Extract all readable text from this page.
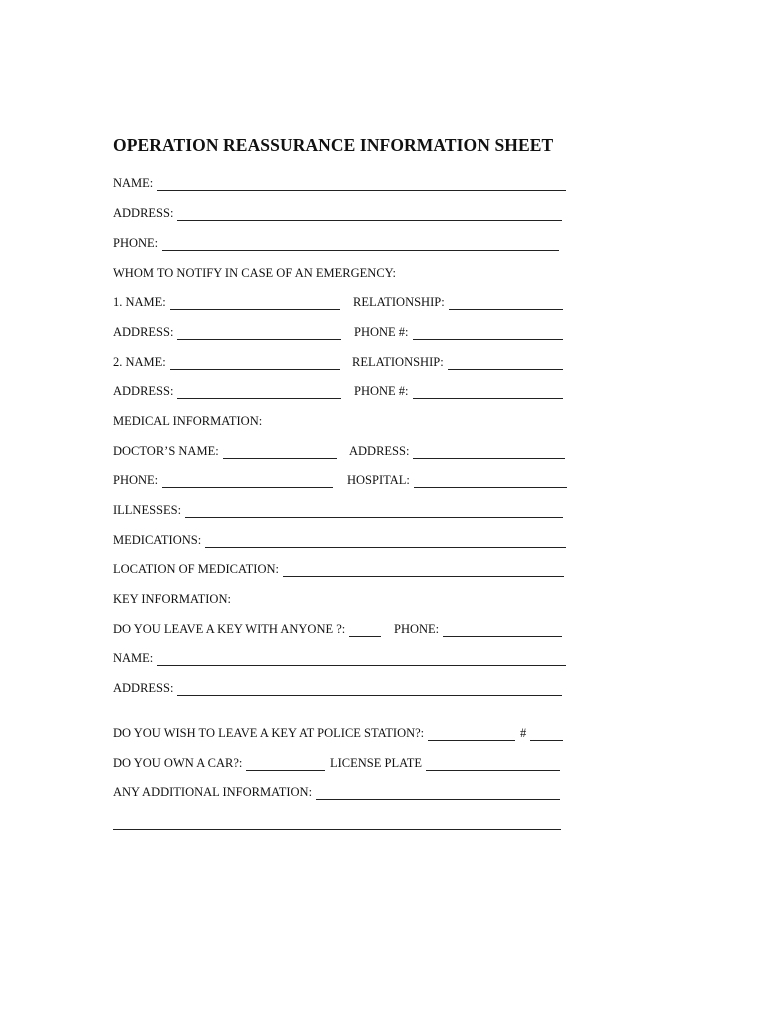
OPERATION REASSURANCE INFORMATION SHEET
NAME:
ADDRESS:
PHONE:
WHOM TO NOTIFY IN CASE OF AN EMERGENCY:
1. NAME:	RELATIONSHIP:
ADDRESS:	PHONE #:
2. NAME:	RELATIONSHIP:
ADDRESS:	PHONE #:
MEDICAL INFORMATION:
DOCTOR’S NAME:	ADDRESS:
PHONE:	HOSPITAL:
ILLNESSES:
MEDICATIONS:
LOCATION OF MEDICATION:
KEY INFORMATION:
DO YOU LEAVE A KEY WITH ANYONE ?:	PHONE:
NAME:
ADDRESS:
DO YOU WISH TO LEAVE A KEY AT POLICE STATION?:	#
DO YOU OWN A CAR?:	LICENSE PLATE
ANY ADDITIONAL INFORMATION:
